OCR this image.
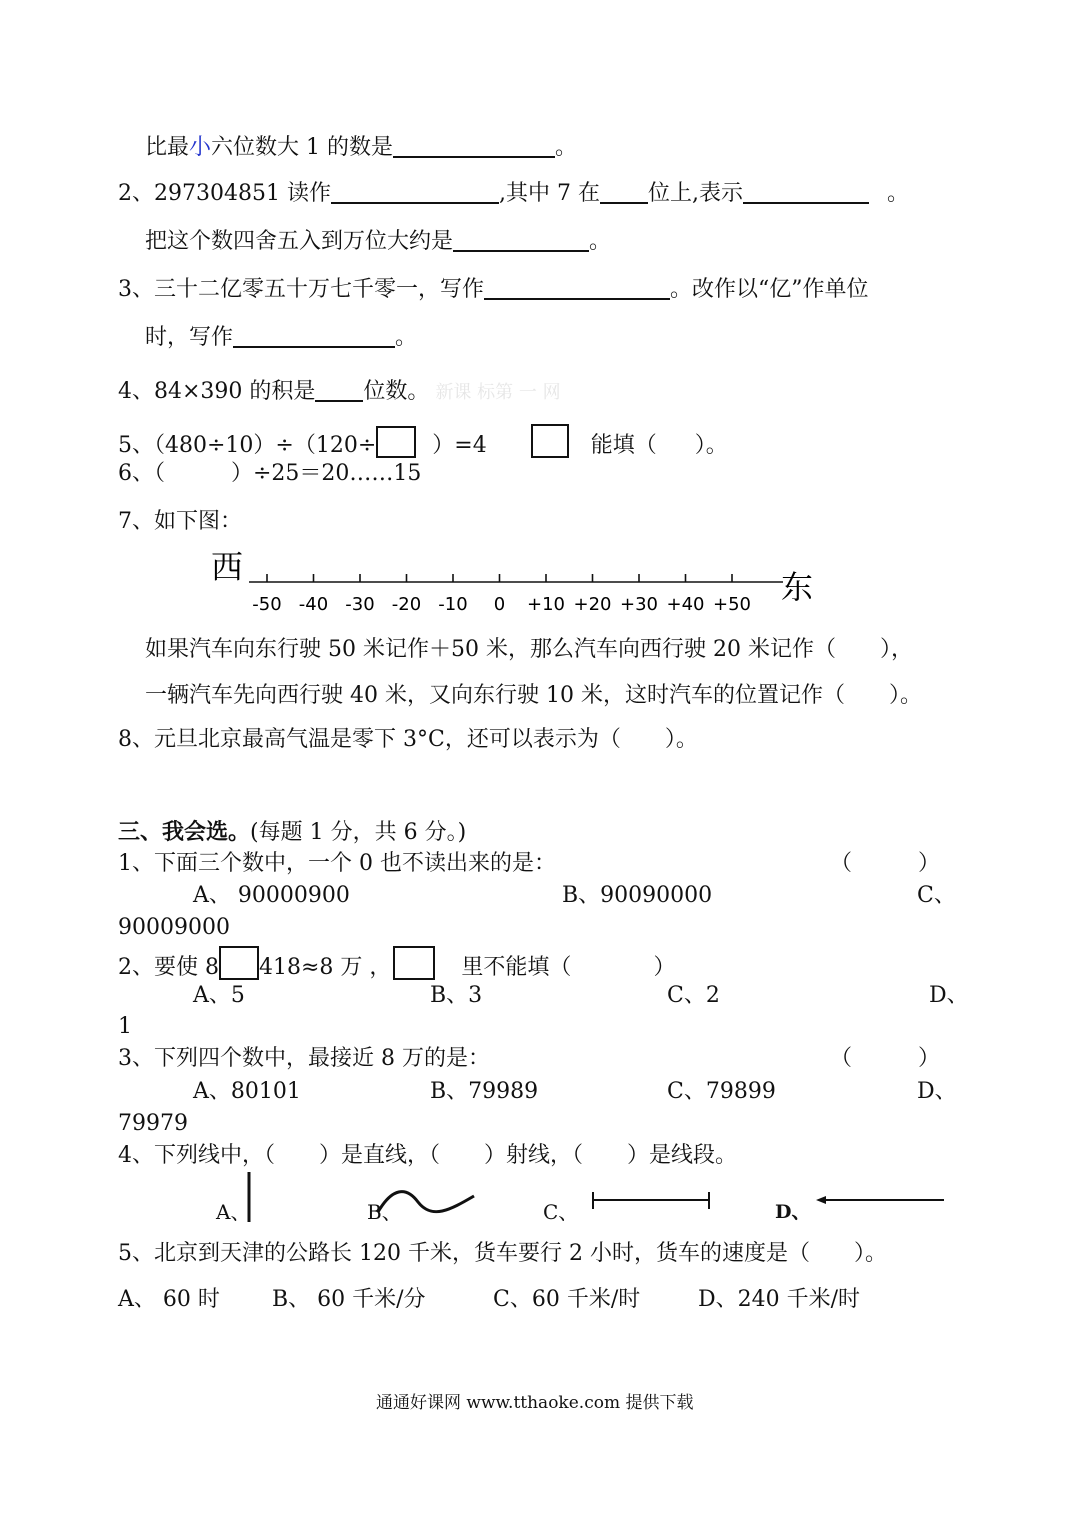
比最小六位数大 1 的数是	。
2、297304851 读作	,其中 7 在 位上,表示	。
把这个数四舍五入到万位大约是	。
3、三十二亿零五十万七千零一，写作	。改作以“亿”作单位
时，写作	。
4、84×390 的积是 位数。 新课 标第 一 网
5、（480÷10）÷（120÷	）=4	能填（ ）。
6、（　　　）÷25＝20……15
7、如下图：
西
-50 -40 -30 -20 -10 0 +10 +20 +30 +40 +50 东
如果汽车向东行驶 50 米记作＋50 米，那么汽车向西行驶 20 米记作（　　），
一辆汽车先向西行驶 40 米，又向东行驶 10 米，这时汽车的位置记作（　　）。
8、元旦北京最高气温是零下 3°C，还可以表示为（　　）。
三、我会选。(每题 1 分，共 6 分。)
1、下面三个数中，一个 0 也不读出来的是：	（　　　）
A、 90000900	B、90090000	C、
90009000
2、要使 8 418≈8 万 ，	里不能填（	）
A、5	B、3	C、2	D、
1
3、下列四个数中，最接近 8 万的是：	（　　　）
A、80101	B、79989	C、79899	D、
79979
4、下列线中，（　　）是直线，（　　）射线，（　　）是线段。
A、	B、	C、	D、
5、北京到天津的公路长 120 千米，货车要行 2 小时，货车的速度是（　　）。
A、 60 时 B、 60 千米/分	C、60 千米/时	D、240 千米/时
通通好课网 www.tthaoke.com 提供下载
